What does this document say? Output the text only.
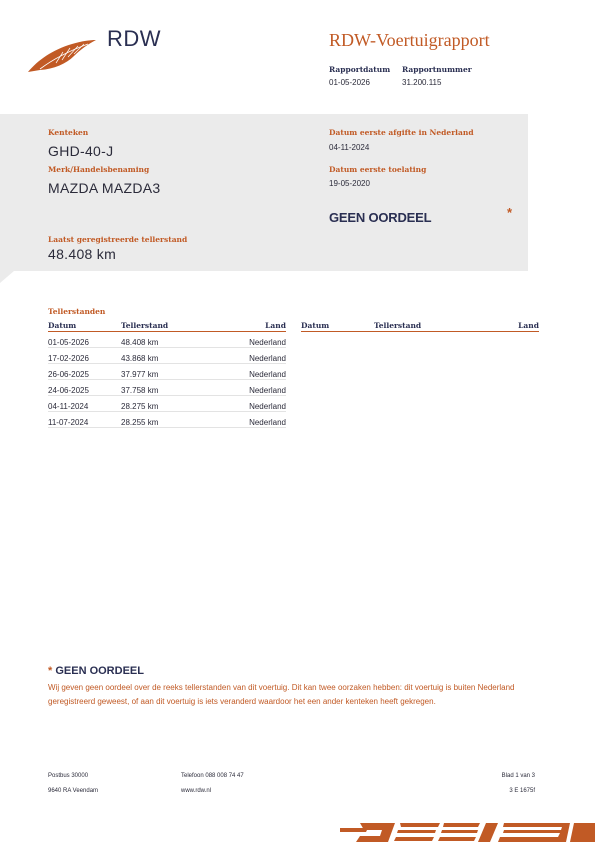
RDW	RDW-Voertuigrapport
Rapportdatum
01-05-2026
Rapportnummer
31.200.115
Kenteken
GHD-40-J
Merk/Handelsbenaming
MAZDA MAZDA3
Laatst geregistreerde tellerstand
48.408 km
Datum eerste afgifte in Nederland
04-11-2024
Datum eerste toelating
19-05-2020
GEEN OORDEEL	*
Tellerstanden
Datum	Tellerstand	Land
01-05-2026	48.408 km	Nederland
17-02-2026	43.868 km	Nederland
26-06-2025	37.977 km	Nederland
24-06-2025	37.758 km	Nederland
04-11-2024	28.275 km	Nederland
11-07-2024	28.255 km	Nederland
Datum	Tellerstand	Land
* GEEN OORDEEL
Wij geven geen oordeel over de reeks tellerstanden van dit voertuig. Dit kan twee oorzaken hebben: dit voertuig is buiten Nederland geregistreerd geweest, of aan dit voertuig is iets veranderd waardoor het een ander kenteken heeft gekregen.
Postbus 30000
9640 RA Veendam
Telefoon 088 008 74 47
www.rdw.nl
Blad 1 van 3
3 E 1675f
